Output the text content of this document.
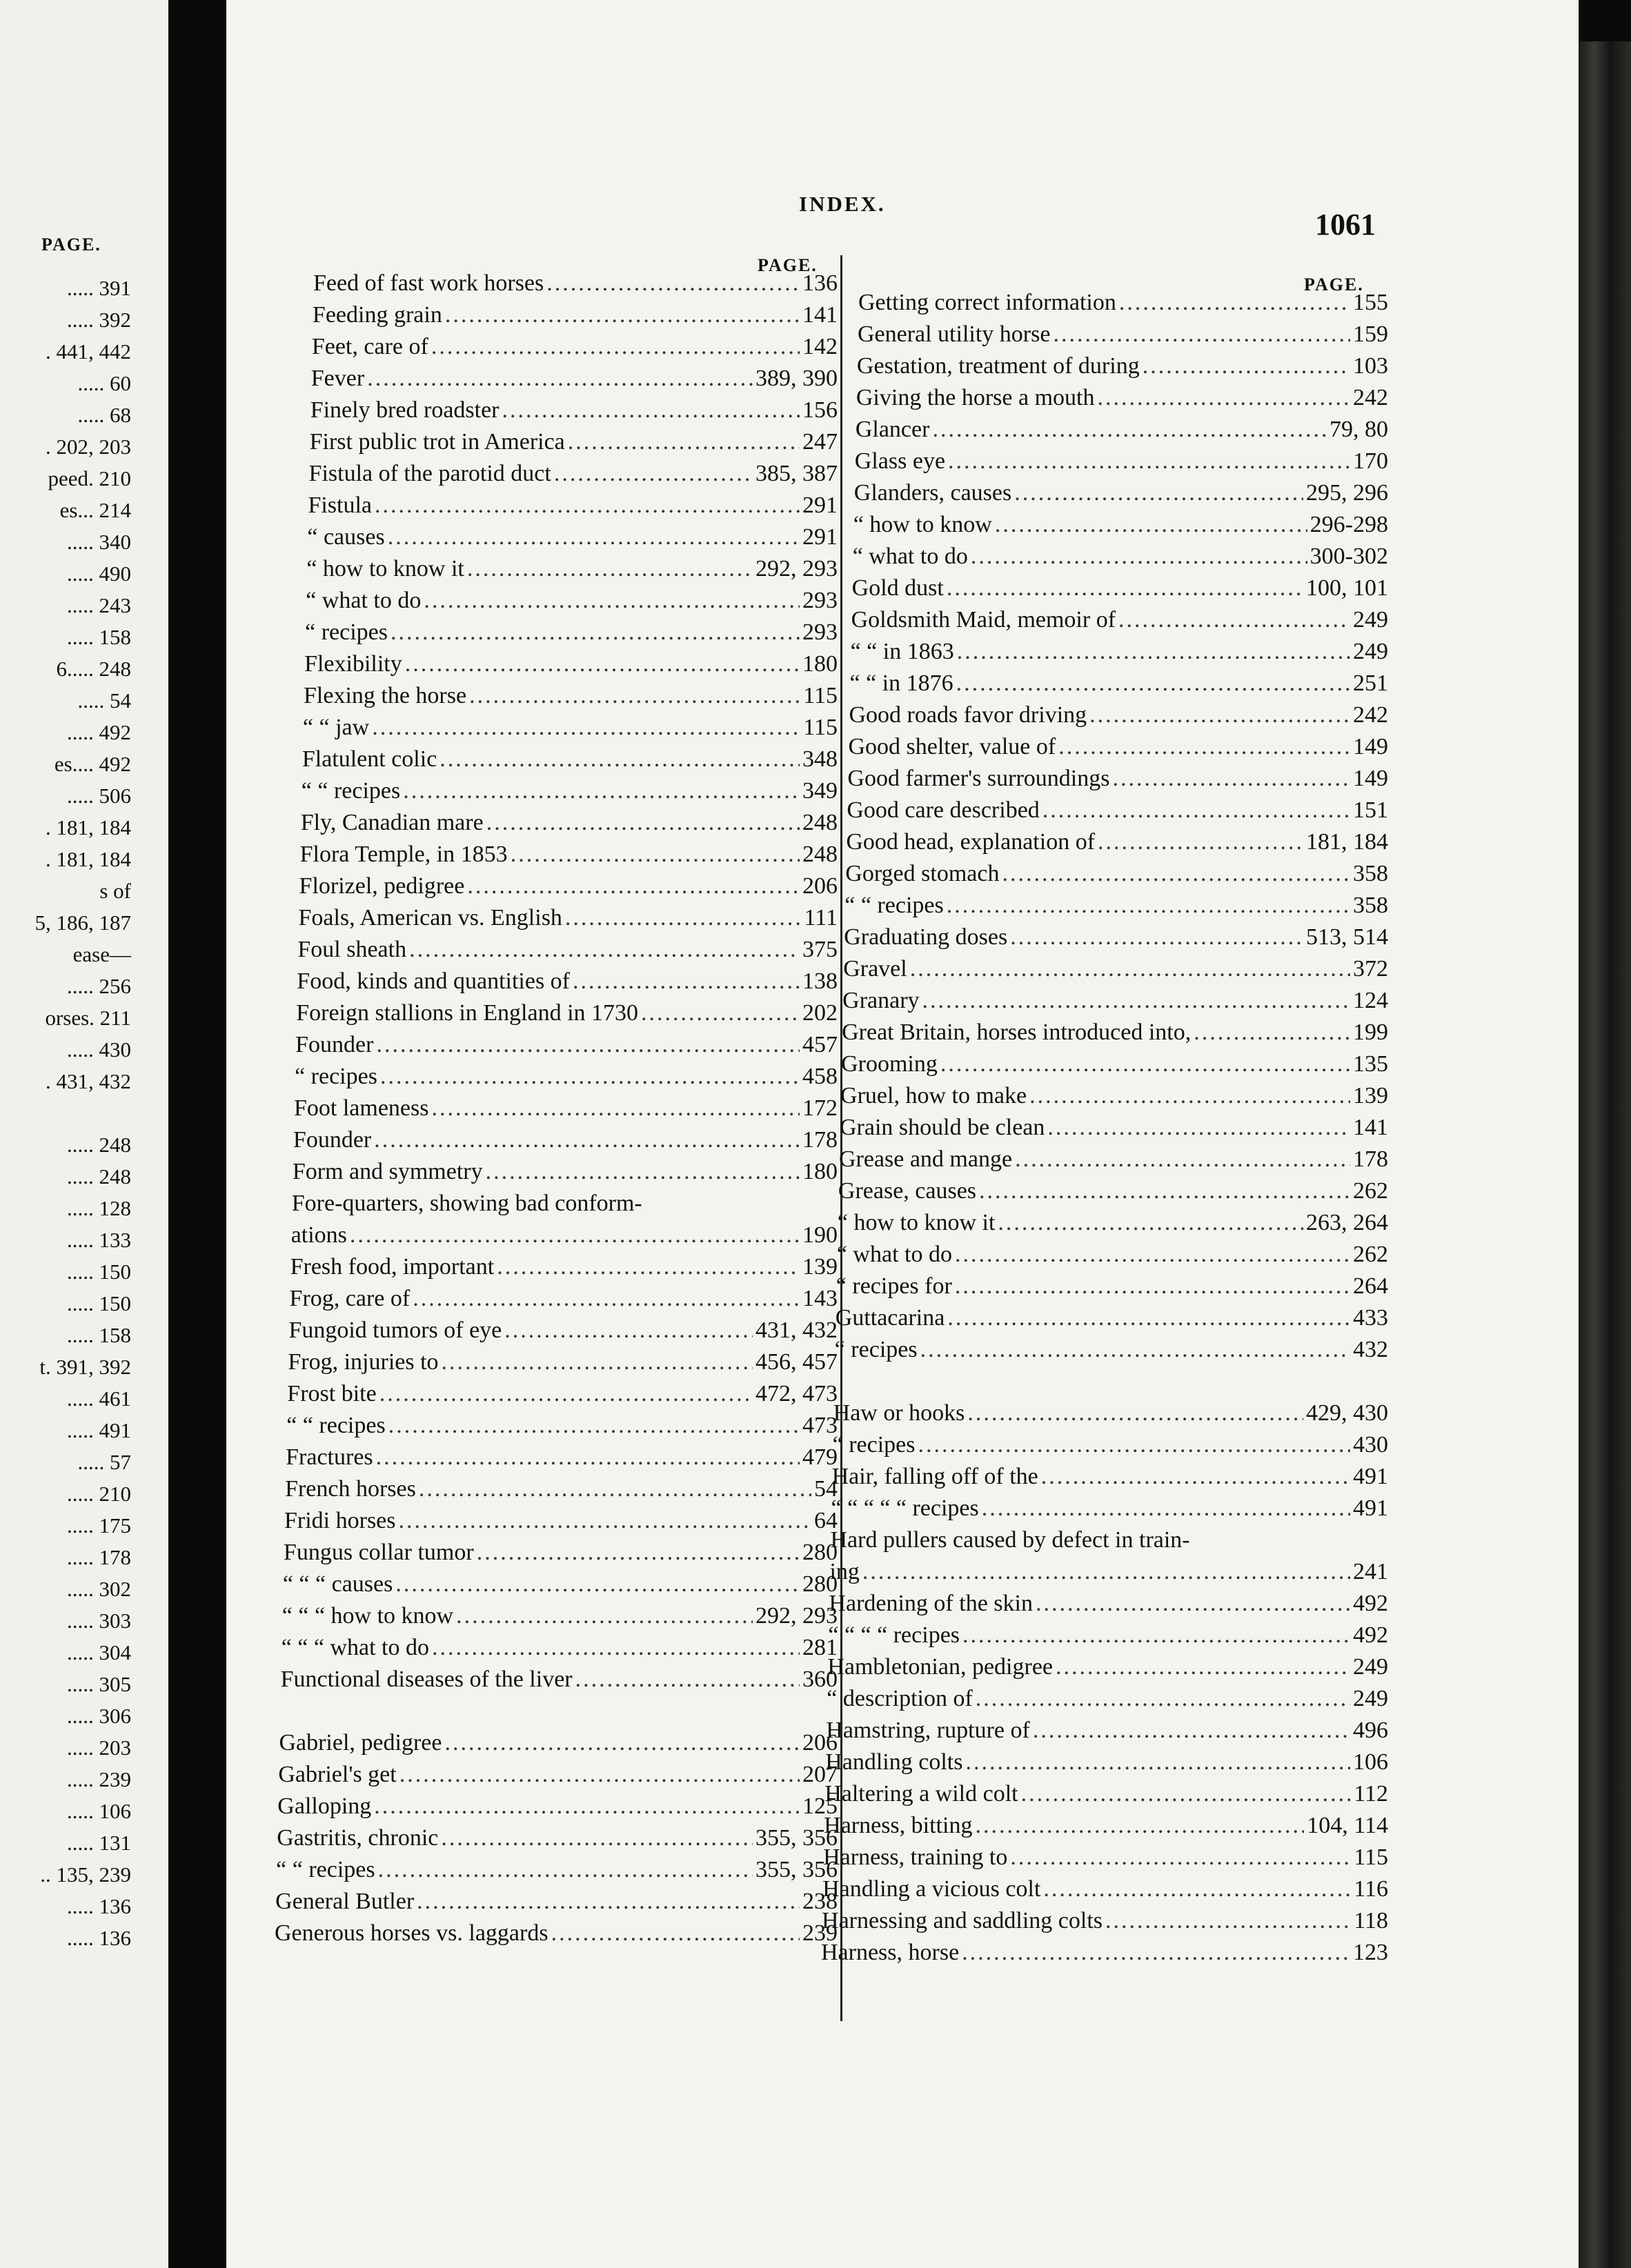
PAGE.
..... 391
..... 392
. 441, 442
..... 60
..... 68
. 202, 203
peed. 210
es... 214
..... 340
..... 490
..... 243
..... 158
6..... 248
..... 54
..... 492
es.... 492
..... 506
. 181, 184
. 181, 184
s of
5, 186, 187
ease—
..... 256
orses. 211
..... 430
. 431, 432
..... 248
..... 248
..... 128
..... 133
..... 150
..... 150
..... 158
t. 391, 392
..... 461
..... 491
..... 57
..... 210
..... 175
..... 178
..... 302
..... 303
..... 304
..... 305
..... 306
..... 203
..... 239
..... 106
..... 131
.. 135, 239
..... 136
..... 136
INDEX.
1061
PAGE.
PAGE.
Feed of fast work horses .....	136
Feeding grain .....	141
Feet, care of .....	142
Fever .....	389, 390
Finely bred roadster .....	156
First public trot in America .....	247
Fistula of the parotid duct .....	385, 387
Fistula .....	291
“ causes .....	291
“ how to know it .....	292, 293
“ what to do .....	293
“ recipes .....	293
Flexibility .....	180
Flexing the horse .....	115
“ “ jaw .....	115
Flatulent colic .....	348
“ “ recipes .....	349
Fly, Canadian mare .....	248
Flora Temple, in 1853 .....	248
Florizel, pedigree .....	206
Foals, American vs. English .....	111
Foul sheath .....	375
Food, kinds and quantities of .....	138
Foreign stallions in England in 1730 .....	202
Founder .....	457
“ recipes .....	458
Foot lameness .....	172
Founder .....	178
Form and symmetry .....	180
Fore-quarters, showing bad conform-
ations .....	190
Fresh food, important .....	139
Frog, care of .....	143
Fungoid tumors of eye .....	431, 432
Frog, injuries to .....	456, 457
Frost bite .....	472, 473
“ “ recipes .....	473
Fractures .....	479
French horses .....	54
Fridi horses .....	64
Fungus collar tumor .....	280
“ “ “ causes .....	280
“ “ “ how to know .....	292, 293
“ “ “ what to do .....	281
Functional diseases of the liver .....	360
Gabriel, pedigree .....	206
Gabriel's get .....	207
Galloping .....	125
Gastritis, chronic .....	355, 356
“ “ recipes .....	355, 356
General Butler .....	238
Generous horses vs. laggards .....	239
Getting correct information .....	155
General utility horse .....	159
Gestation, treatment of during .....	103
Giving the horse a mouth .....	242
Glancer .....	79, 80
Glass eye .....	170
Glanders, causes .....	295, 296
“ how to know .....	296-298
“ what to do .....	300-302
Gold dust .....	100, 101
Goldsmith Maid, memoir of .....	249
“ “ in 1863 .....	249
“ “ in 1876 .....	251
Good roads favor driving .....	242
Good shelter, value of .....	149
Good farmer's surroundings .....	149
Good care described .....	151
Good head, explanation of .....	181, 184
Gorged stomach .....	358
“ “ recipes .....	358
Graduating doses .....	513, 514
Gravel .....	372
Granary .....	124
Great Britain, horses introduced into, .....	199
Grooming .....	135
Gruel, how to make .....	139
Grain should be clean .....	141
Grease and mange .....	178
Grease, causes .....	262
“ how to know it .....	263, 264
“ what to do .....	262
“ recipes for .....	264
Guttacarina .....	433
“ recipes .....	432
Haw or hooks .....	429, 430
“ recipes .....	430
Hair, falling off of the .....	491
“ “ “ “ “ recipes .....	491
Hard pullers caused by defect in train-
ing .....	241
Hardening of the skin .....	492
“ “ “ “ recipes .....	492
Hambletonian, pedigree .....	249
“ description of .....	249
Hamstring, rupture of .....	496
Handling colts .....	106
Haltering a wild colt .....	112
Harness, bitting .....	104, 114
Harness, training to .....	115
Handling a vicious colt .....	116
Harnessing and saddling colts .....	118
Harness, horse .....	123
